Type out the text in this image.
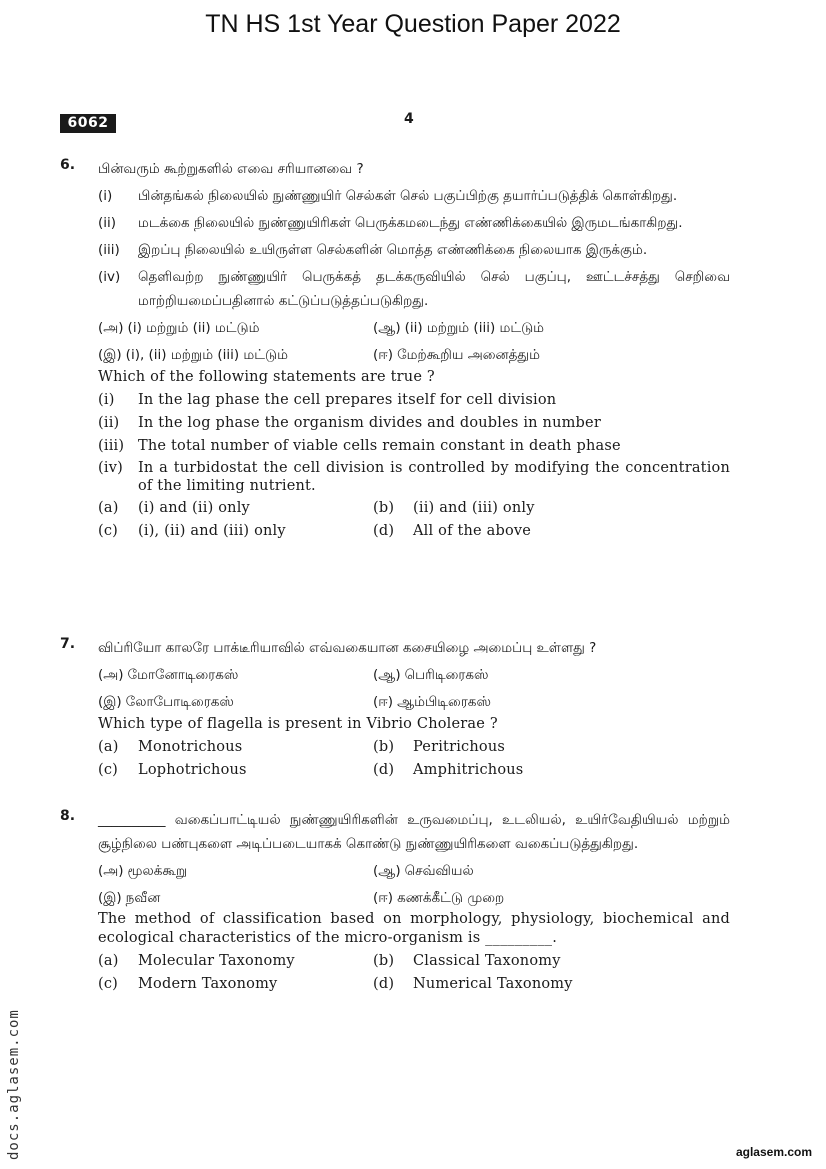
TN HS 1st Year Question Paper 2022
6062	4
6. பின்வரும் கூற்றுகளில் எவை சரியானவை ?
(i)	பின்தங்கல் நிலையில் நுண்ணுயிர் செல்கள் செல் பகுப்பிற்கு தயார்ப்படுத்திக் கொள்கிறது.
(ii)	மடக்கை நிலையில் நுண்ணுயிரிகள் பெருக்கமடைந்து எண்ணிக்கையில் இருமடங்காகிறது.
(iii)	இறப்பு நிலையில் உயிருள்ள செல்களின் மொத்த எண்ணிக்கை நிலையாக இருக்கும்.
(iv)	தெளிவற்ற நுண்ணுயிர் பெருக்கத் தடக்கருவியில் செல் பகுப்பு, ஊட்டச்சத்து செறிவை மாற்றியமைப்பதினால் கட்டுப்படுத்தப்படுகிறது.
(அ) (i) மற்றும் (ii) மட்டும்	(ஆ) (ii) மற்றும் (iii) மட்டும்
(இ) (i), (ii) மற்றும் (iii) மட்டும்	(ஈ) மேற்கூறிய அனைத்தும்
Which of the following statements are true ?
(i)	In the lag phase the cell prepares itself for cell division
(ii)	In the log phase the organism divides and doubles in number
(iii) The total number of viable cells remain constant in death phase
(iv)	In a turbidostat the cell division is controlled by modifying the concentration of the limiting nutrient.
(a)	(i) and (ii) only	(b)	(ii) and (iii) only
(c)	(i), (ii) and (iii) only	(d)	All of the above
7. விப்ரியோ காலரே பாக்டீரியாவில் எவ்வகையான கசையிழை அமைப்பு உள்ளது ?
(அ) மோனோடிரைகஸ்	(ஆ) பெரிடிரைகஸ்
(இ) லோபோடிரைகஸ்	(ஈ) ஆம்பிடிரைகஸ்
Which type of flagella is present in Vibrio Cholerae ?
(a)	Monotrichous	(b)	Peritrichous
(c)	Lophotrichous	(d)	Amphitrichous
8. __________ வகைப்பாட்டியல் நுண்ணுயிரிகளின் உருவமைப்பு, உடலியல், உயிர்வேதியியல் மற்றும் சூழ்நிலை பண்புகளை அடிப்படையாகக் கொண்டு நுண்ணுயிரிகளை வகைப்படுத்துகிறது.
(அ) மூலக்கூறு	(ஆ) செவ்வியல்
(இ) நவீன	(ஈ) கணக்கீட்டு முறை
The method of classification based on morphology, physiology, biochemical and ecological characteristics of the micro-organism is _________.
(a)	Molecular Taxonomy	(b)	Classical Taxonomy
(c)	Modern Taxonomy	(d)	Numerical Taxonomy
docs.aglasem.com	aglasem.com
